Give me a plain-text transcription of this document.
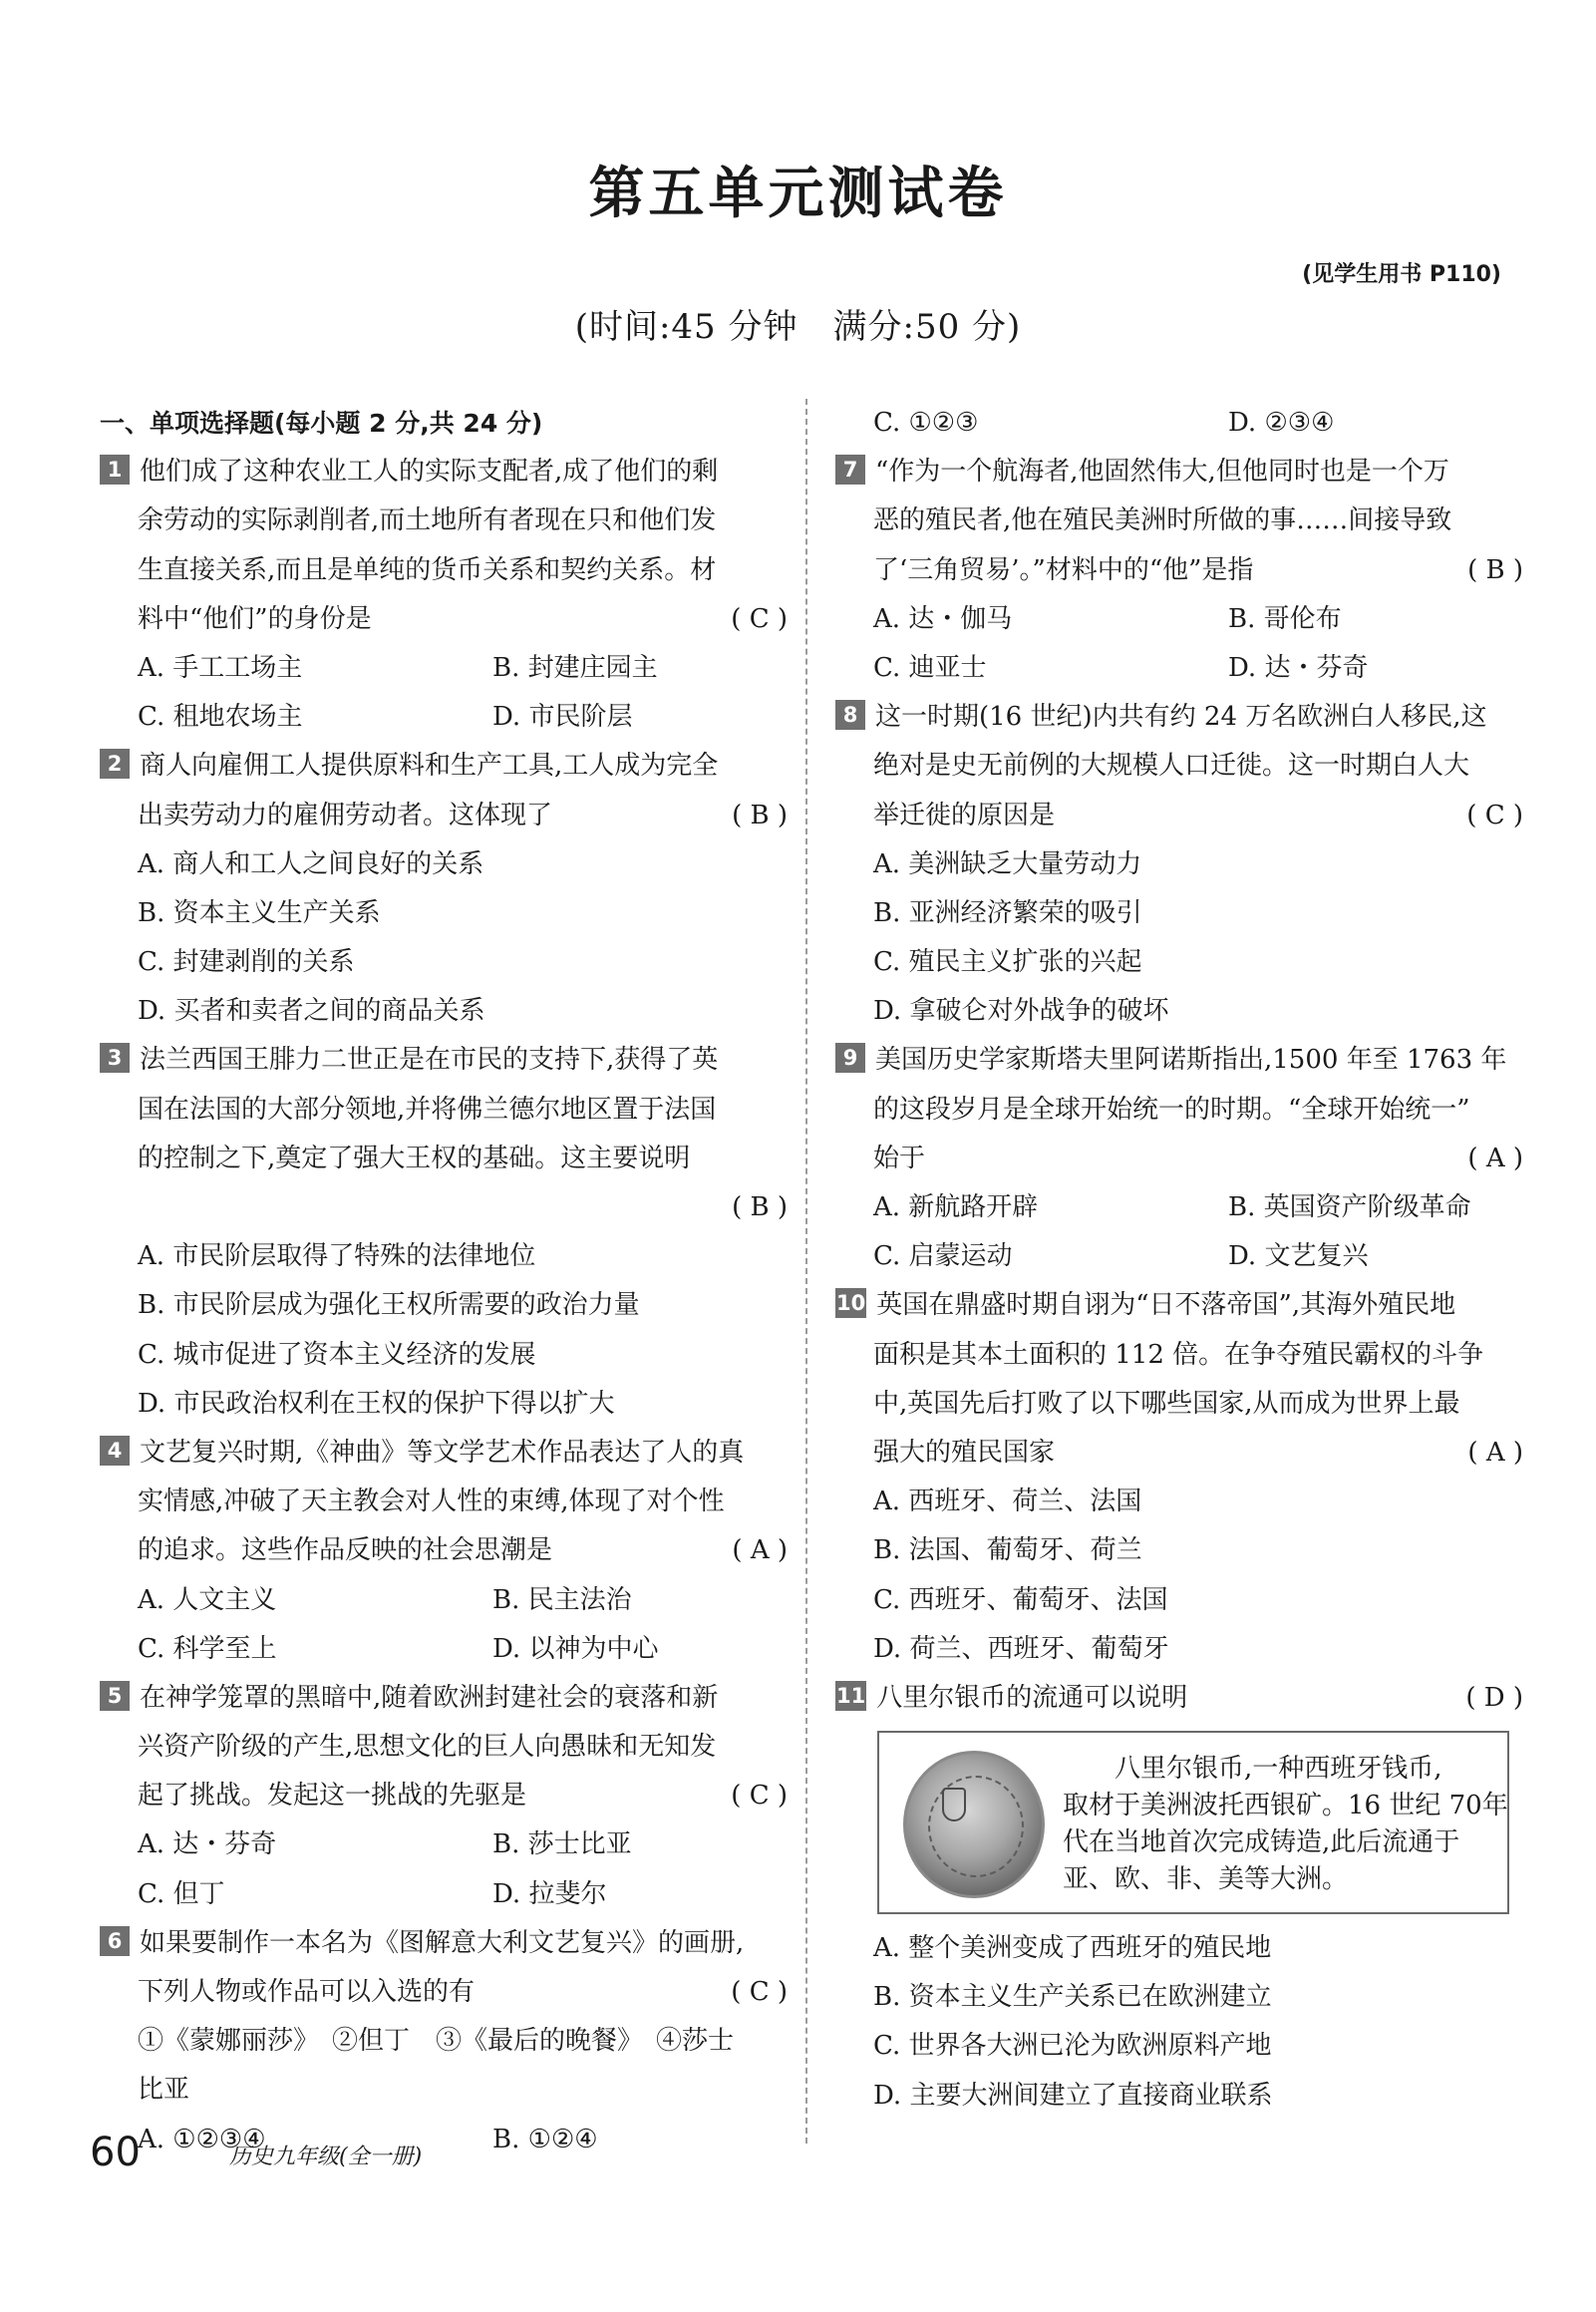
第五单元测试卷
(见学生用书 P110)
(时间:45 分钟　满分:50 分)
一、单项选择题(每小题 2 分,共 24 分)
1 他们成了这种农业工人的实际支配者,成了他们的剩
余劳动的实际剥削者,而土地所有者现在只和他们发
生直接关系,而且是单纯的货币关系和契约关系。材
料中“他们”的身份是	( C )
A. 手工工场主	B. 封建庄园主
C. 租地农场主	D. 市民阶层
2 商人向雇佣工人提供原料和生产工具,工人成为完全
出卖劳动力的雇佣劳动者。这体现了	( B )
A. 商人和工人之间良好的关系
B. 资本主义生产关系
C. 封建剥削的关系
D. 买者和卖者之间的商品关系
3 法兰西国王腓力二世正是在市民的支持下,获得了英
国在法国的大部分领地,并将佛兰德尔地区置于法国
的控制之下,奠定了强大王权的基础。这主要说明
( B )
A. 市民阶层取得了特殊的法律地位
B. 市民阶层成为强化王权所需要的政治力量
C. 城市促进了资本主义经济的发展
D. 市民政治权利在王权的保护下得以扩大
4 文艺复兴时期,《神曲》等文学艺术作品表达了人的真
实情感,冲破了天主教会对人性的束缚,体现了对个性
的追求。这些作品反映的社会思潮是	( A )
A. 人文主义	B. 民主法治
C. 科学至上	D. 以神为中心
5 在神学笼罩的黑暗中,随着欧洲封建社会的衰落和新
兴资产阶级的产生,思想文化的巨人向愚昧和无知发
起了挑战。发起这一挑战的先驱是	( C )
A. 达・芬奇	B. 莎士比亚
C. 但丁	D. 拉斐尔
6 如果要制作一本名为《图解意大利文艺复兴》的画册,
下列人物或作品可以入选的有	( C )
①《蒙娜丽莎》　②但丁　③《最后的晚餐》　④莎士
比亚
A. ①②③④	B. ①②④
C. ①②③	D. ②③④
7 “作为一个航海者,他固然伟大,但他同时也是一个万
恶的殖民者,他在殖民美洲时所做的事……间接导致
了‘三角贸易’。”材料中的“他”是指	( B )
A. 达・伽马	B. 哥伦布
C. 迪亚士	D. 达・芬奇
8 这一时期(16 世纪)内共有约 24 万名欧洲白人移民,这
绝对是史无前例的大规模人口迁徙。这一时期白人大
举迁徙的原因是	( C )
A. 美洲缺乏大量劳动力
B. 亚洲经济繁荣的吸引
C. 殖民主义扩张的兴起
D. 拿破仑对外战争的破坏
9 美国历史学家斯塔夫里阿诺斯指出,1500 年至 1763 年
的这段岁月是全球开始统一的时期。“全球开始统一”
始于	( A )
A. 新航路开辟	B. 英国资产阶级革命
C. 启蒙运动	D. 文艺复兴
10 英国在鼎盛时期自诩为“日不落帝国”,其海外殖民地
面积是其本土面积的 112 倍。在争夺殖民霸权的斗争
中,英国先后打败了以下哪些国家,从而成为世界上最
强大的殖民国家	( A )
A. 西班牙、荷兰、法国
B. 法国、葡萄牙、荷兰
C. 西班牙、葡萄牙、法国
D. 荷兰、西班牙、葡萄牙
11 八里尔银币的流通可以说明	( D )

　　八里尔银币,一种西班牙钱币,

取材于美洲波托西银矿。16 世纪 70年

代在当地首次完成铸造,此后流通于

亚、欧、非、美等大洲。

A. 整个美洲变成了西班牙的殖民地
B. 资本主义生产关系已在欧洲建立
C. 世界各大洲已沦为欧洲原料产地
D. 主要大洲间建立了直接商业联系
60	历史九年级(全一册)
